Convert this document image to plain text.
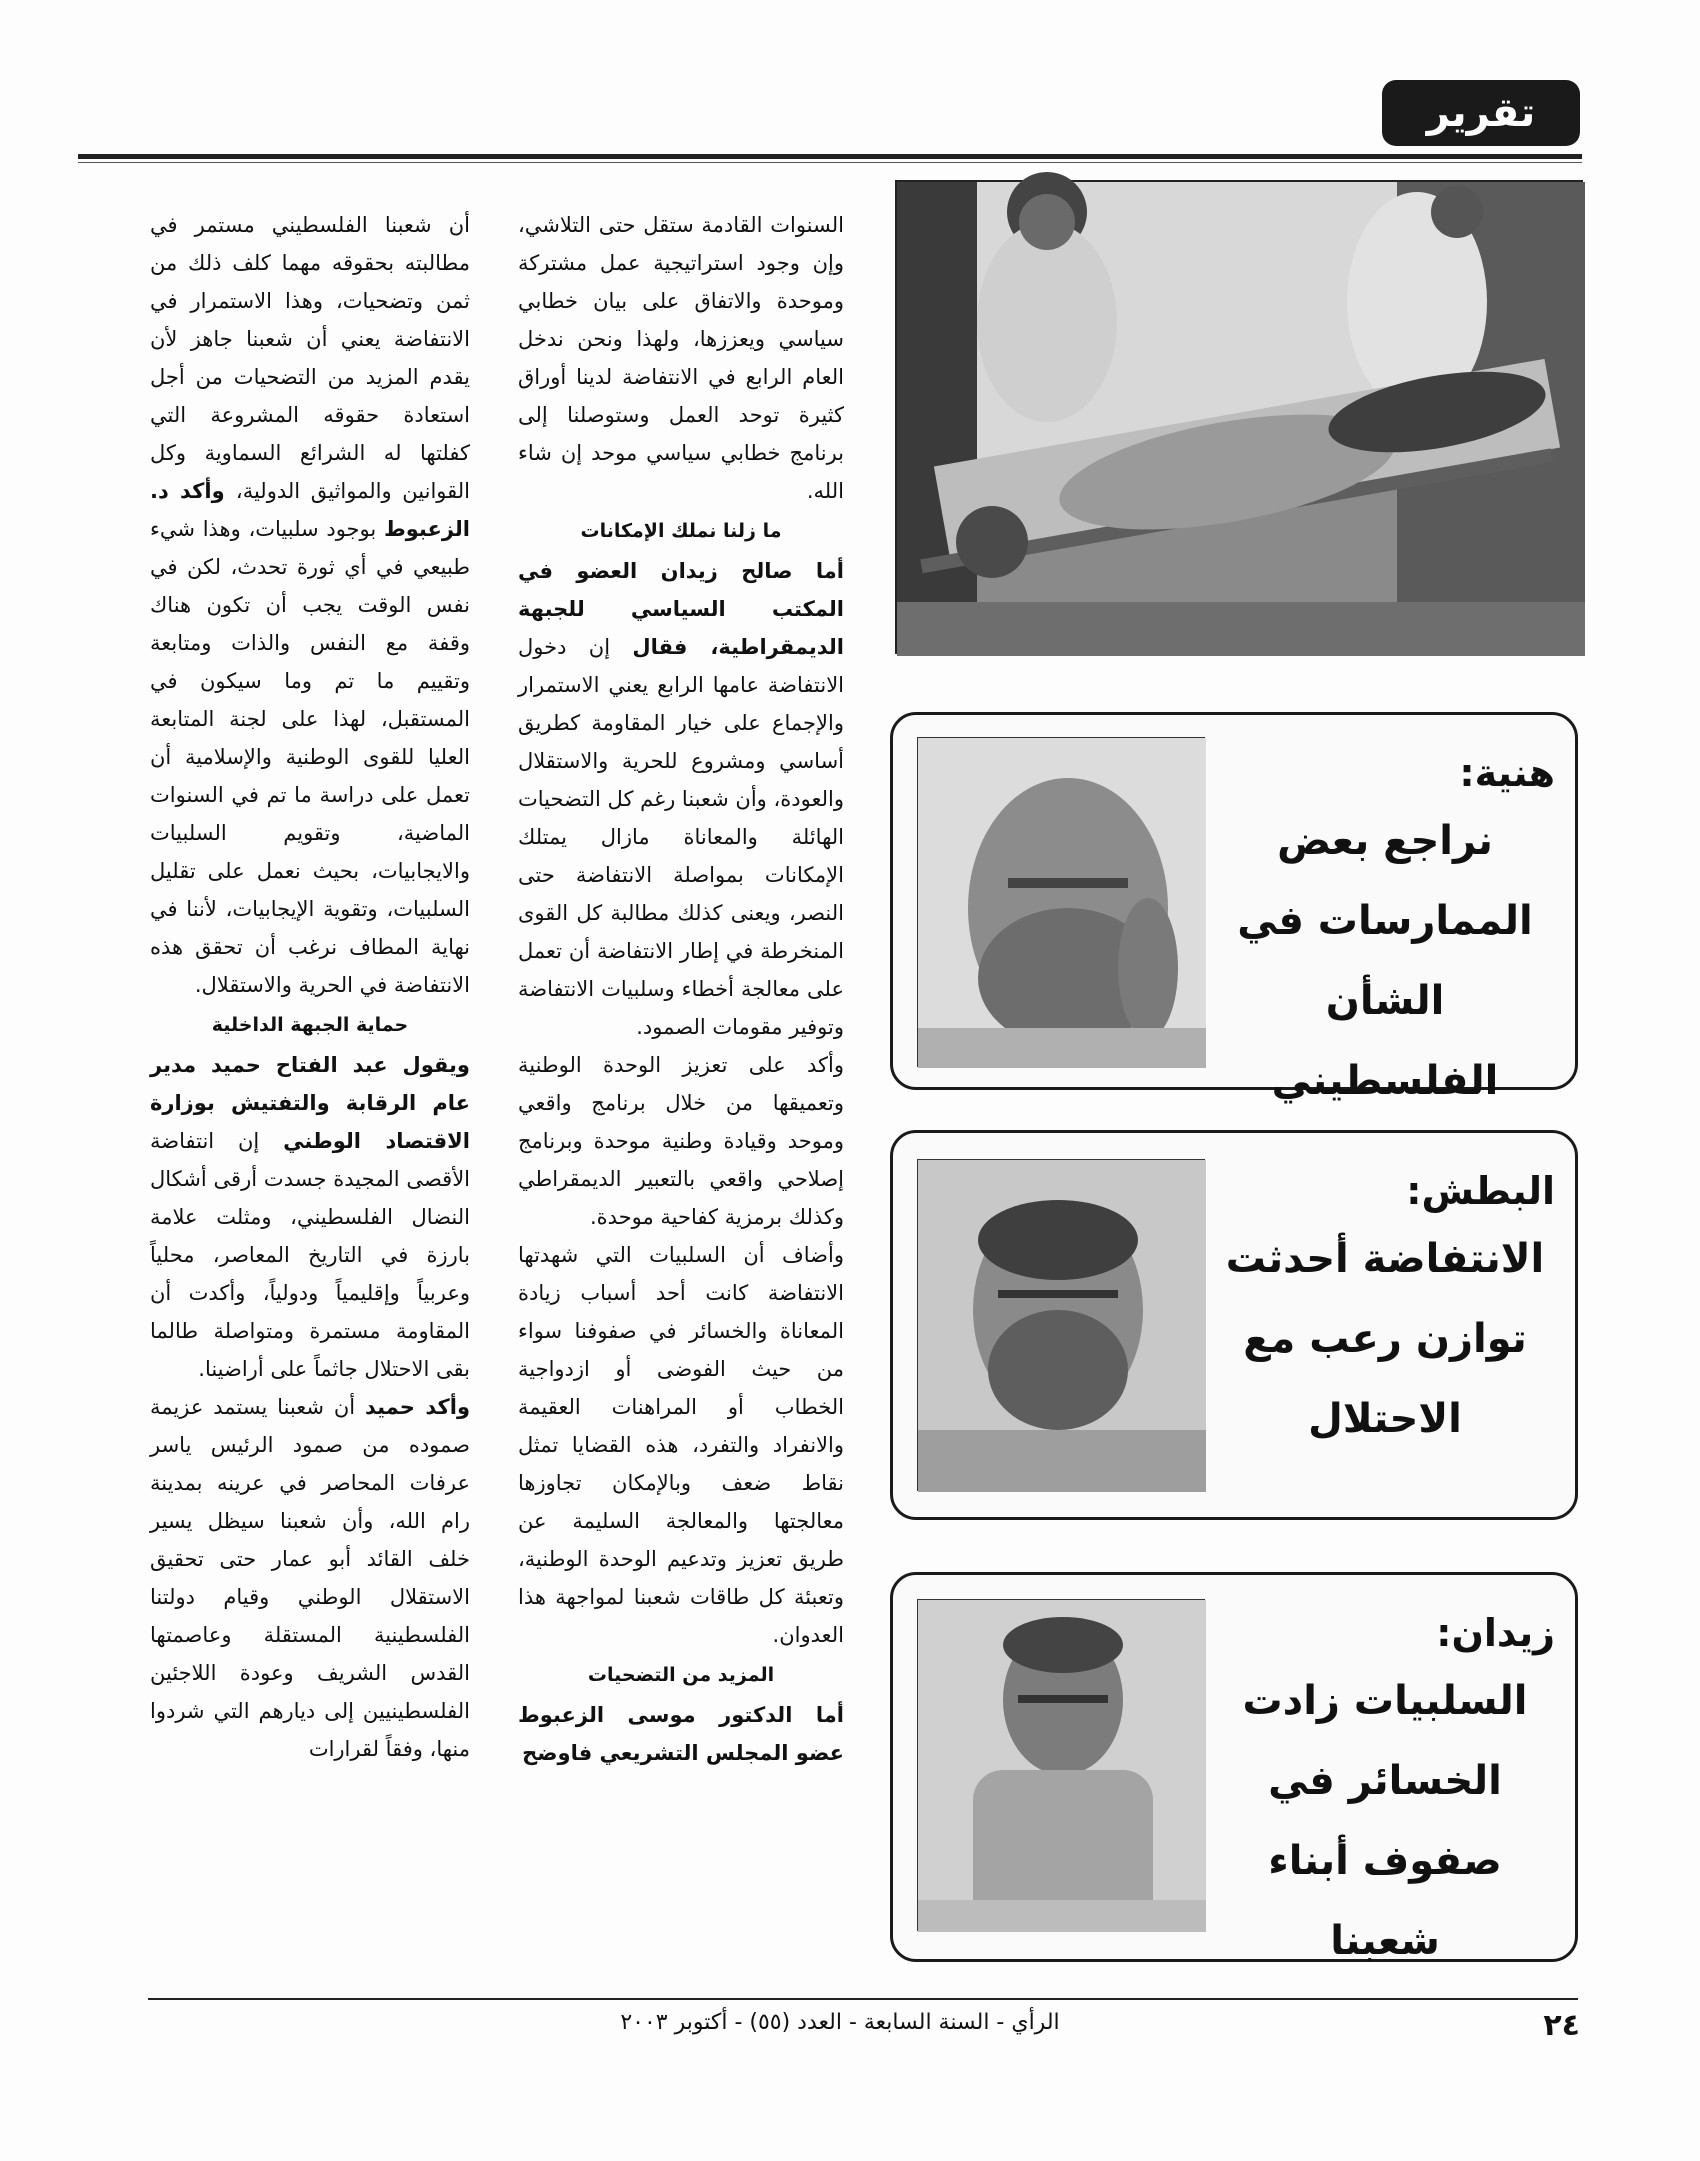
تقرير

السنوات القادمة ستقل حتى التلاشي، وإن وجود استراتيجية عمل مشتركة وموحدة والاتفاق على بيان خطابي سياسي ويعززها، ولهذا ونحن ندخل العام الرابع في الانتفاضة لدينا أوراق كثيرة توحد العمل وستوصلنا إلى برنامج خطابي سياسي موحد إن شاء الله.

ما زلنا نملك الإمكانات

أما صالح زيدان العضو في المكتب السياسي للجبهة الديمقراطية، فقال إن دخول الانتفاضة عامها الرابع يعني الاستمرار والإجماع على خيار المقاومة كطريق أساسي ومشروع للحرية والاستقلال والعودة، وأن شعبنا رغم كل التضحيات الهائلة والمعاناة مازال يمتلك الإمكانات بمواصلة الانتفاضة حتى النصر، ويعنى كذلك مطالبة كل القوى المنخرطة في إطار الانتفاضة أن تعمل على معالجة أخطاء وسلبيات الانتفاضة وتوفير مقومات الصمود.

وأكد على تعزيز الوحدة الوطنية وتعميقها من خلال برنامج واقعي وموحد وقيادة وطنية موحدة وبرنامج إصلاحي واقعي بالتعبير الديمقراطي وكذلك برمزية كفاحية موحدة.

وأضاف أن السلبيات التي شهدتها الانتفاضة كانت أحد أسباب زيادة المعاناة والخسائر في صفوفنا سواء من حيث الفوضى أو ازدواجية الخطاب أو المراهنات العقيمة والانفراد والتفرد، هذه القضايا تمثل نقاط ضعف وبالإمكان تجاوزها معالجتها والمعالجة السليمة عن طريق تعزيز وتدعيم الوحدة الوطنية، وتعبئة كل طاقات شعبنا لمواجهة هذا العدوان.

المزيد من التضحيات

أما الدكتور موسى الزعبوط عضو المجلس التشريعي فاوضح

أن شعبنا الفلسطيني مستمر في مطالبته بحقوقه مهما كلف ذلك من ثمن وتضحيات، وهذا الاستمرار في الانتفاضة يعني أن شعبنا جاهز لأن يقدم المزيد من التضحيات من أجل استعادة حقوقه المشروعة التي كفلتها له الشرائع السماوية وكل القوانين والمواثيق الدولية، وأكد د. الزعبوط بوجود سلبيات، وهذا شيء طبيعي في أي ثورة تحدث، لكن في نفس الوقت يجب أن تكون هناك وقفة مع النفس والذات ومتابعة وتقييم ما تم وما سيكون في المستقبل، لهذا على لجنة المتابعة العليا للقوى الوطنية والإسلامية أن تعمل على دراسة ما تم في السنوات الماضية، وتقويم السلبيات والايجابيات، بحيث نعمل على تقليل السلبيات، وتقوية الإيجابيات، لأننا في نهاية المطاف نرغب أن تحقق هذه الانتفاضة في الحرية والاستقلال.

حماية الجبهة الداخلية

ويقول عبد الفتاح حميد مدير عام الرقابة والتفتيش بوزارة الاقتصاد الوطني إن انتفاضة الأقصى المجيدة جسدت أرقى أشكال النضال الفلسطيني، ومثلت علامة بارزة في التاريخ المعاصر، محلياً وعربياً وإقليمياً ودولياً، وأكدت أن المقاومة مستمرة ومتواصلة طالما بقى الاحتلال جاثماً على أراضينا.

وأكد حميد أن شعبنا يستمد عزيمة صموده من صمود الرئيس ياسر عرفات المحاصر في عرينه بمدينة رام الله، وأن شعبنا سيظل يسير خلف القائد أبو عمار حتى تحقيق الاستقلال الوطني وقيام دولتنا الفلسطينية المستقلة وعاصمتها القدس الشريف وعودة اللاجئين الفلسطينيين إلى ديارهم التي شردوا منها، وفقاً لقرارات

هنية:
نراجع بعض الممارسات في الشأن الفلسطيني
البطش:
الانتفاضة أحدثت توازن رعب مع الاحتلال
زيدان:
السلبيات زادت الخسائر في صفوف أبناء شعبنا
الرأي - السنة السابعة - العدد (٥٥) - أكتوبر ٢٠٠٣	٢٤
